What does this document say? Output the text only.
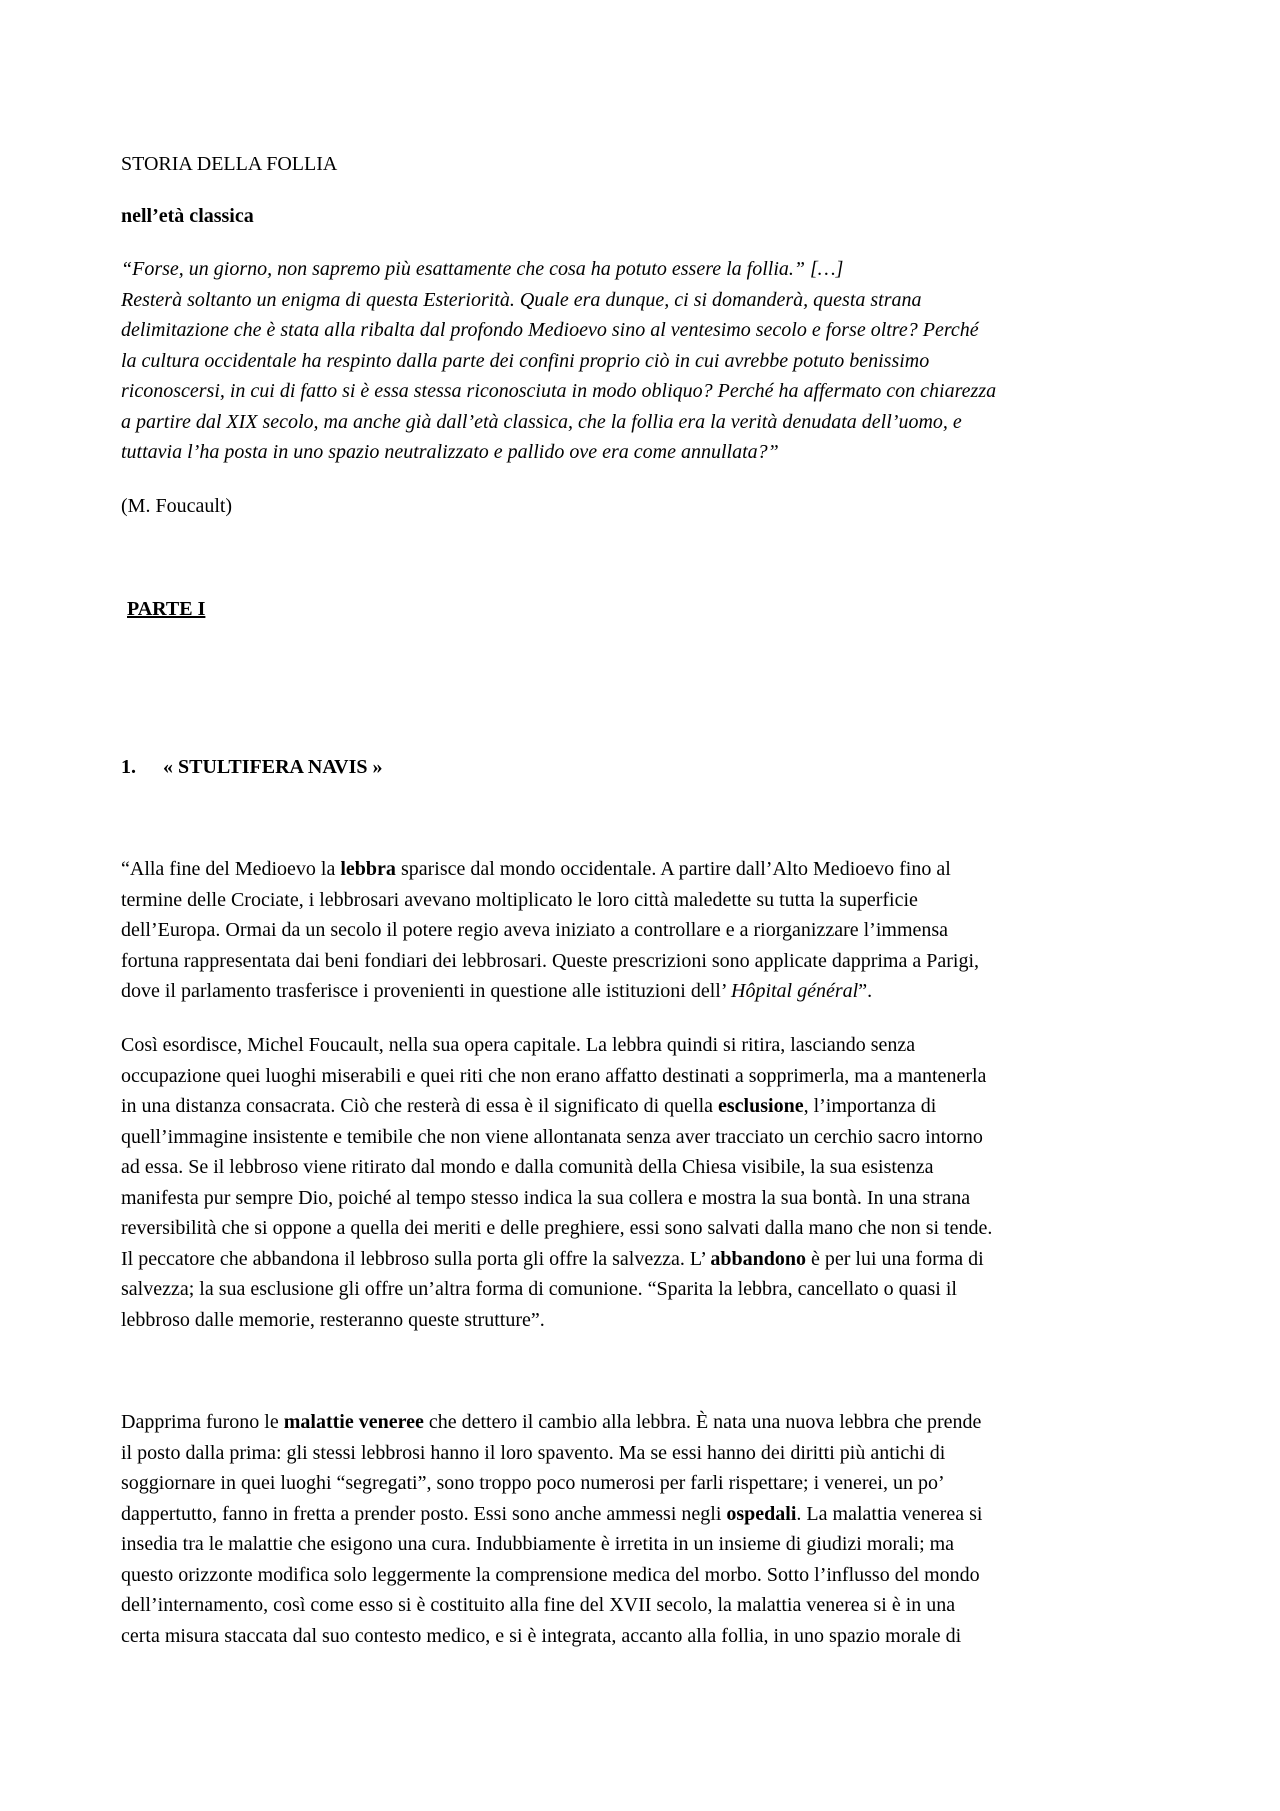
STORIA DELLA FOLLIA

nell’età classica

“Forse, un giorno, non sapremo più esattamente che cosa ha potuto essere la follia.” […]
Resterà soltanto un enigma di questa Esteriorità. Quale era dunque, ci si domanderà, questa strana
delimitazione che è stata alla ribalta dal profondo Medioevo sino al ventesimo secolo e forse oltre? Perché
la cultura occidentale ha respinto dalla parte dei confini proprio ciò in cui avrebbe potuto benissimo
riconoscersi, in cui di fatto si è essa stessa riconosciuta in modo obliquo? Perché ha affermato con chiarezza
a partire dal XIX secolo, ma anche già dall’età classica, che la follia era la verità denudata dell’uomo, e
tuttavia l’ha posta in uno spazio neutralizzato e pallido ove era come annullata?”

(M. Foucault)

PARTE I

1. « STULTIFERA NAVIS »

“Alla fine del Medioevo la lebbra sparisce dal mondo occidentale. A partire dall’Alto Medioevo fino al
termine delle Crociate, i lebbrosari avevano moltiplicato le loro città maledette su tutta la superficie
dell’Europa. Ormai da un secolo il potere regio aveva iniziato a controllare e a riorganizzare l’immensa
fortuna rappresentata dai beni fondiari dei lebbrosari. Queste prescrizioni sono applicate dapprima a Parigi,
dove il parlamento trasferisce i provenienti in questione alle istituzioni dell’ Hôpital général”.
Così esordisce, Michel Foucault, nella sua opera capitale. La lebbra quindi si ritira, lasciando senza
occupazione quei luoghi miserabili e quei riti che non erano affatto destinati a sopprimerla, ma a mantenerla
in una distanza consacrata. Ciò che resterà di essa è il significato di quella esclusione, l’importanza di
quell’immagine insistente e temibile che non viene allontanata senza aver tracciato un cerchio sacro intorno
ad essa. Se il lebbroso viene ritirato dal mondo e dalla comunità della Chiesa visibile, la sua esistenza
manifesta pur sempre Dio, poiché al tempo stesso indica la sua collera e mostra la sua bontà. In una strana
reversibilità che si oppone a quella dei meriti e delle preghiere, essi sono salvati dalla mano che non si tende.
Il peccatore che abbandona il lebbroso sulla porta gli offre la salvezza. L’ abbandono è per lui una forma di
salvezza; la sua esclusione gli offre un’altra forma di comunione. “Sparita la lebbra, cancellato o quasi il
lebbroso dalle memorie, resteranno queste strutture”.
Dapprima furono le malattie veneree che dettero il cambio alla lebbra. È nata una nuova lebbra che prende
il posto dalla prima: gli stessi lebbrosi hanno il loro spavento. Ma se essi hanno dei diritti più antichi di
soggiornare in quei luoghi “segregati”, sono troppo poco numerosi per farli rispettare; i venerei, un po’
dappertutto, fanno in fretta a prender posto. Essi sono anche ammessi negli ospedali. La malattia venerea si
insedia tra le malattie che esigono una cura. Indubbiamente è irretita in un insieme di giudizi morali; ma
questo orizzonte modifica solo leggermente la comprensione medica del morbo. Sotto l’influsso del mondo
dell’internamento, così come esso si è costituito alla fine del XVII secolo, la malattia venerea si è in una
certa misura staccata dal suo contesto medico, e si è integrata, accanto alla follia, in uno spazio morale di
